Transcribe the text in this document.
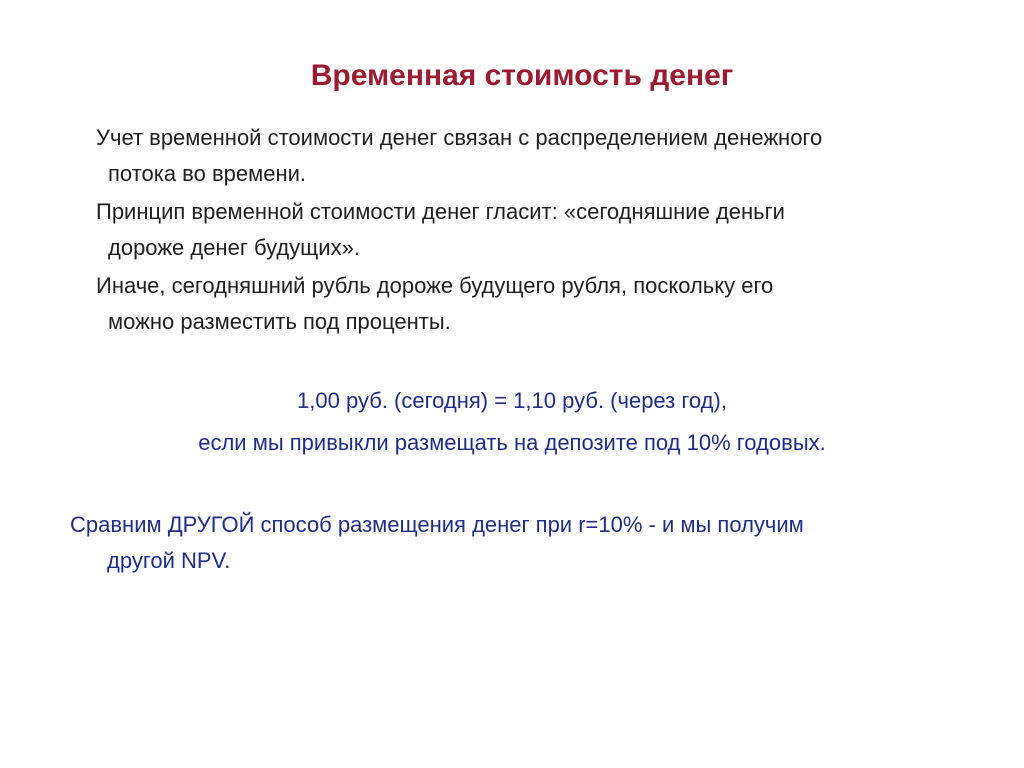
Временная стоимость денег
Учет временной стоимости денег связан с распределением денежного
потока во времени.
Принцип временной стоимости денег гласит: «сегодняшние деньги
дороже денег будущих».
Иначе, сегодняшний рубль дороже будущего рубля, поскольку его
можно разместить под проценты.
1,00 руб. (сегодня) = 1,10 руб. (через год),
если мы привыкли размещать на депозите под 10% годовых.
Сравним ДРУГОЙ способ размещения денег при r=10% - и мы получим
другой NPV.
